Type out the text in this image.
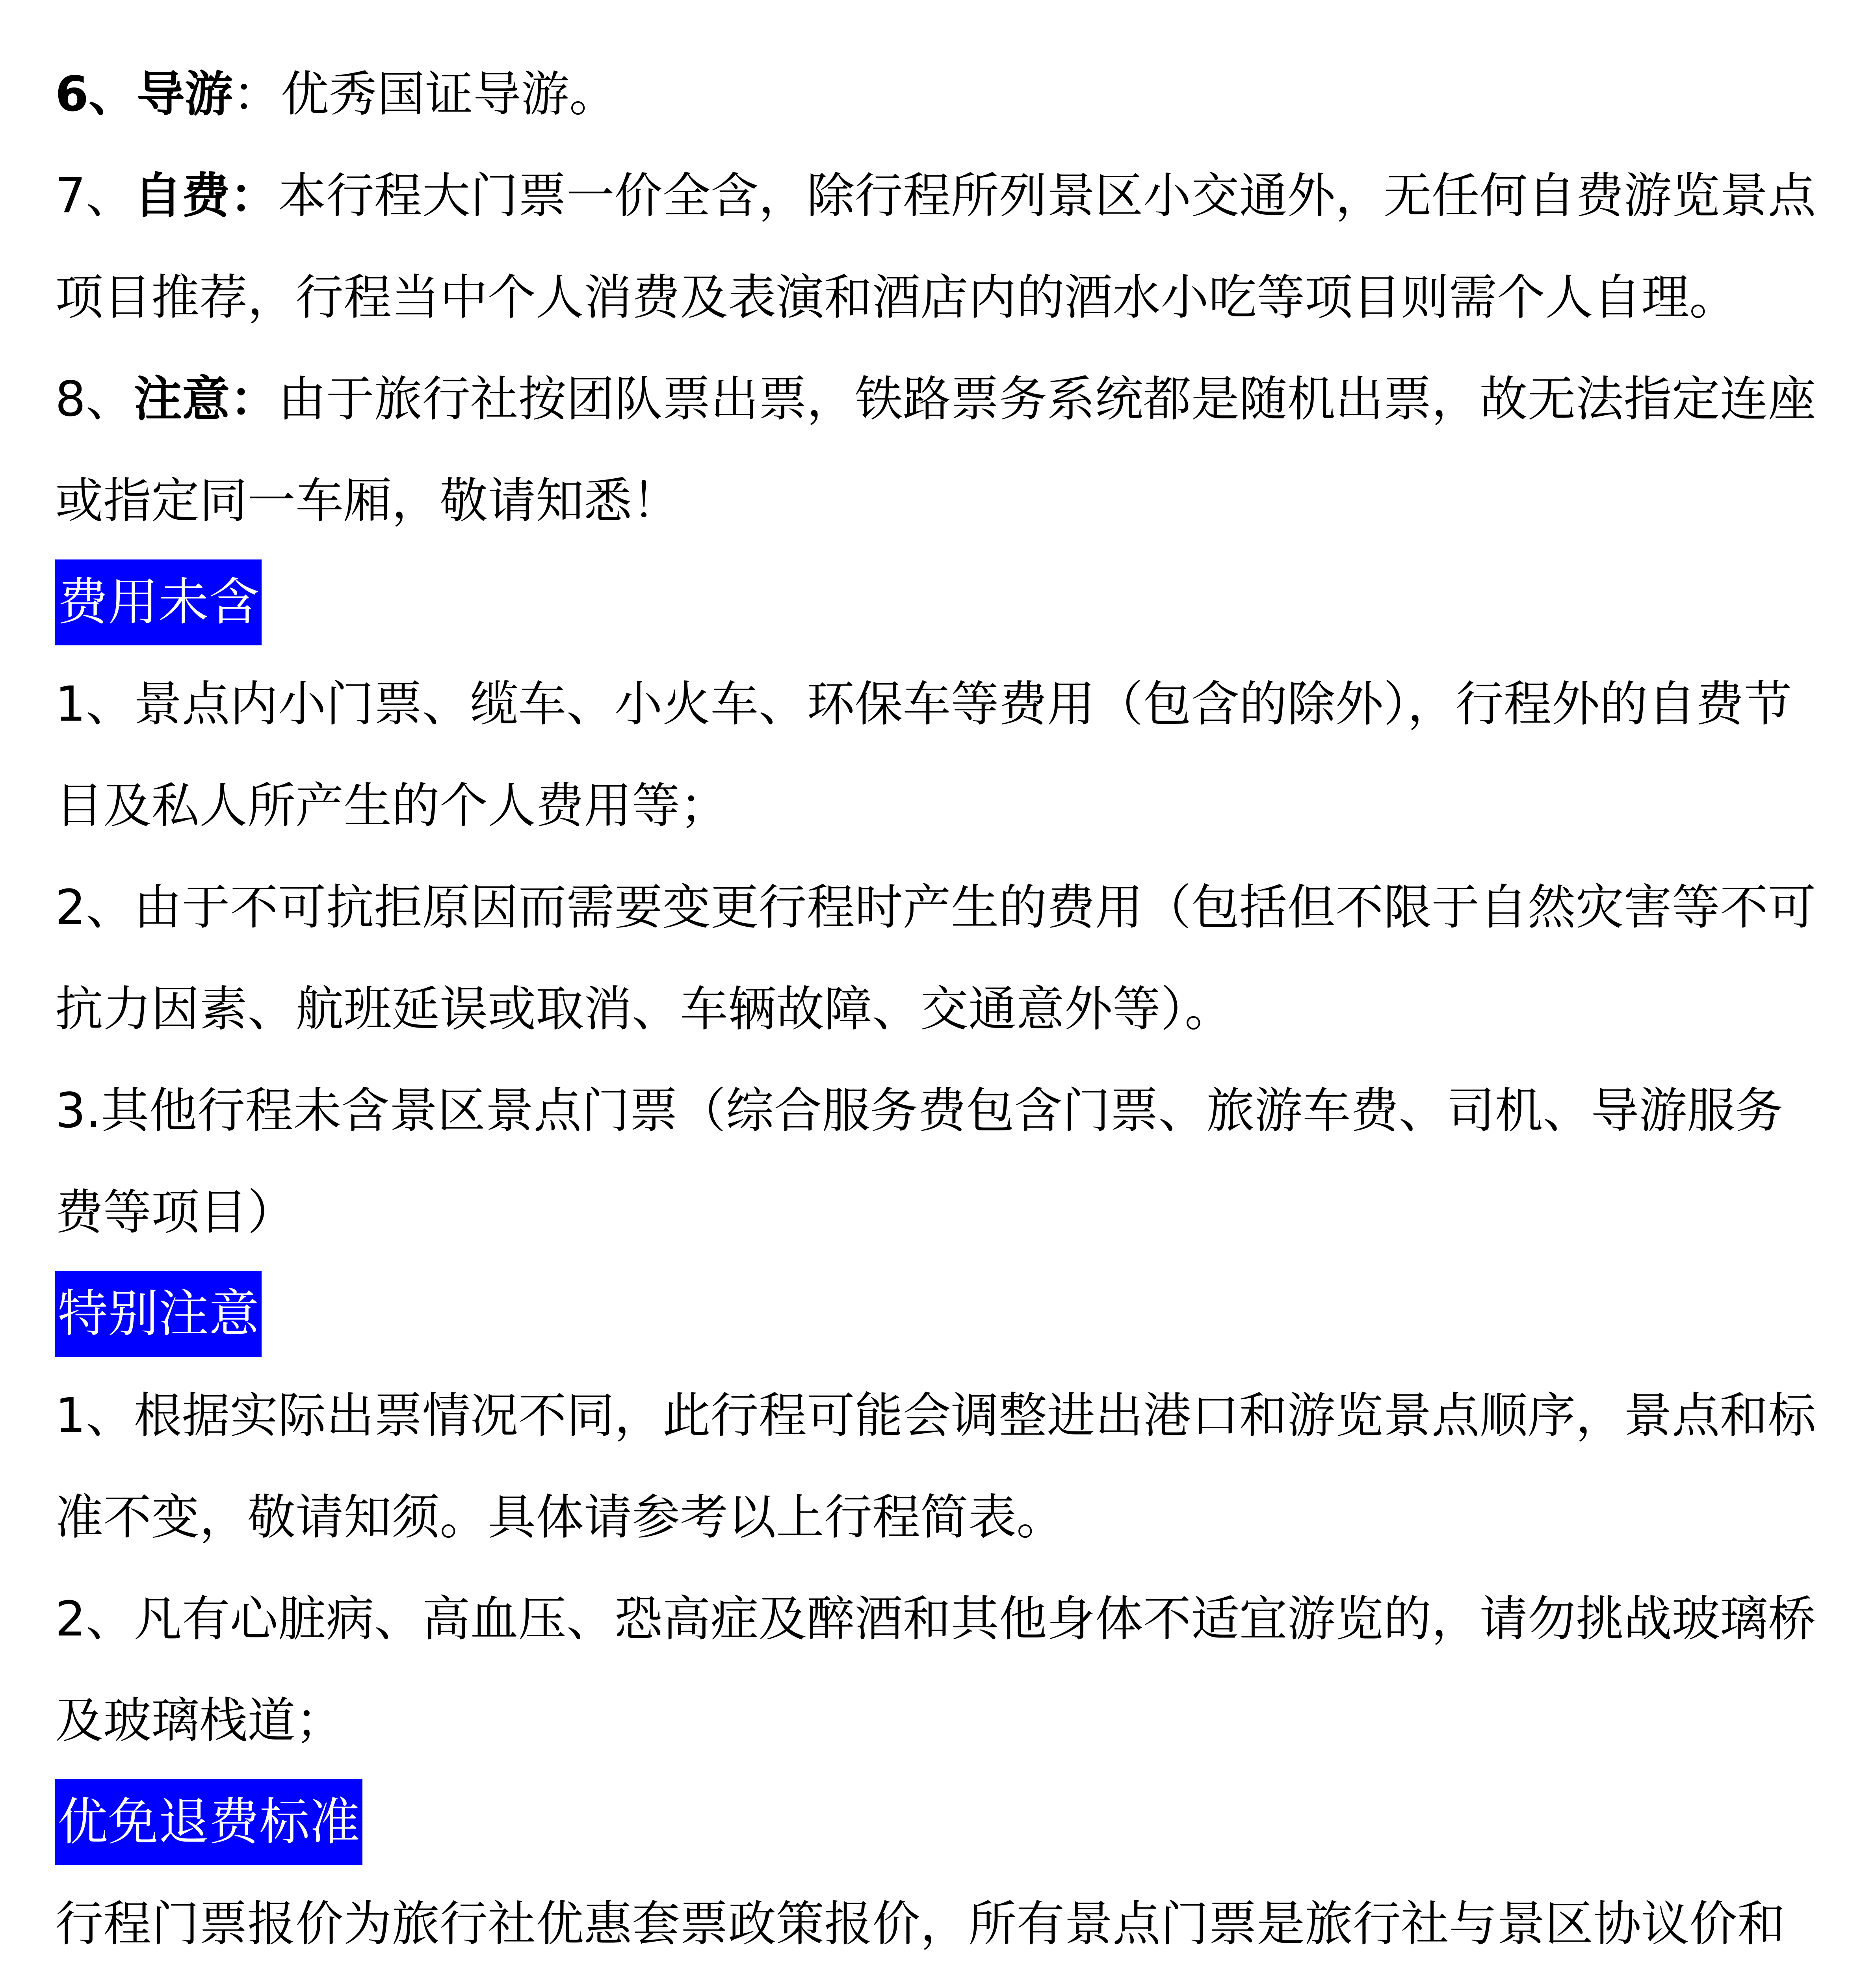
6、导游：优秀国证导游。

7、自费：本行程大门票一价全含，除行程所列景区小交通外，无任何自费游览景点项目推荐，行程当中个人消费及表演和酒店内的酒水小吃等项目则需个人自理。

8、注意：由于旅行社按团队票出票，铁路票务系统都是随机出票，故无法指定连座或指定同一车厢，敬请知悉！

费用未含

1、景点内小门票、缆车、小火车、环保车等费用（包含的除外），行程外的自费节目及私人所产生的个人费用等；

2、由于不可抗拒原因而需要变更行程时产生的费用（包括但不限于自然灾害等不可抗力因素、航班延误或取消、车辆故障、交通意外等）。

3.其他行程未含景区景点门票（综合服务费包含门票、旅游车费、司机、导游服务费等项目）

特别注意

1、根据实际出票情况不同，此行程可能会调整进出港口和游览景点顺序，景点和标准不变，敬请知须。具体请参考以上行程简表。

2、凡有心脏病、高血压、恐高症及醉酒和其他身体不适宜游览的，请勿挑战玻璃桥及玻璃栈道；

优免退费标准

行程门票报价为旅行社优惠套票政策报价，所有景点门票是旅行社与景区协议价和
